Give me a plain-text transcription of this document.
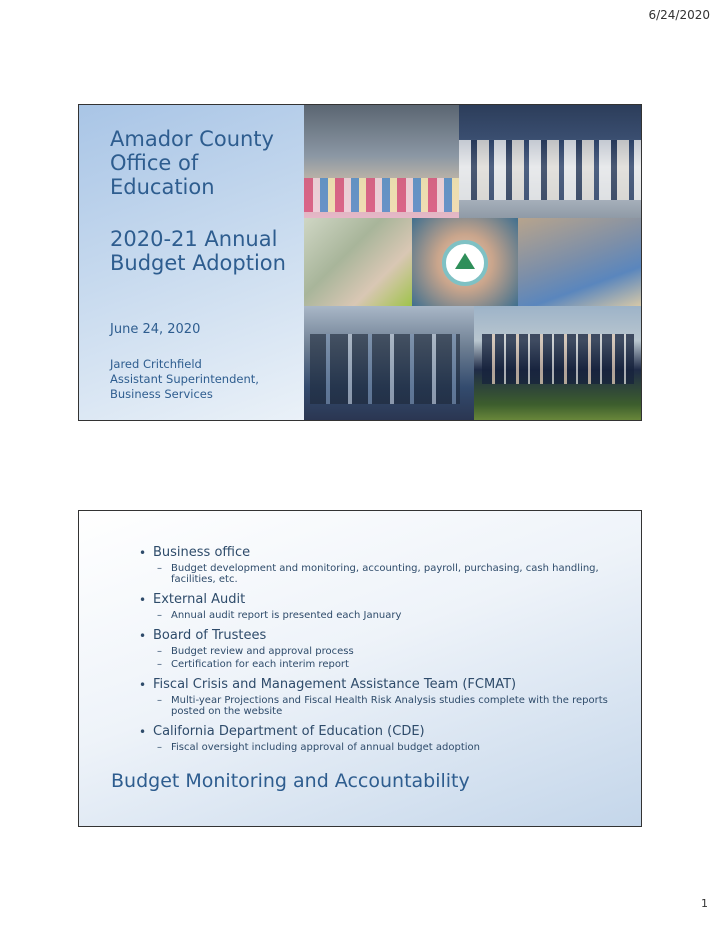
6/24/2020
Amador County Office of Education
2020-21 Annual Budget Adoption
June 24, 2020
Jared Critchfield
Assistant Superintendent,
Business Services
• Business office
– Budget development and monitoring, accounting, payroll, purchasing, cash handling, facilities, etc.
• External Audit
– Annual audit report is presented each January
• Board of Trustees
– Budget review and approval process
– Certification for each interim report
• Fiscal Crisis and Management Assistance Team (FCMAT)
– Multi-year Projections and Fiscal Health Risk Analysis studies complete with the reports posted on the website
• California Department of Education (CDE)
– Fiscal oversight including approval of annual budget adoption
Budget Monitoring and Accountability
1
